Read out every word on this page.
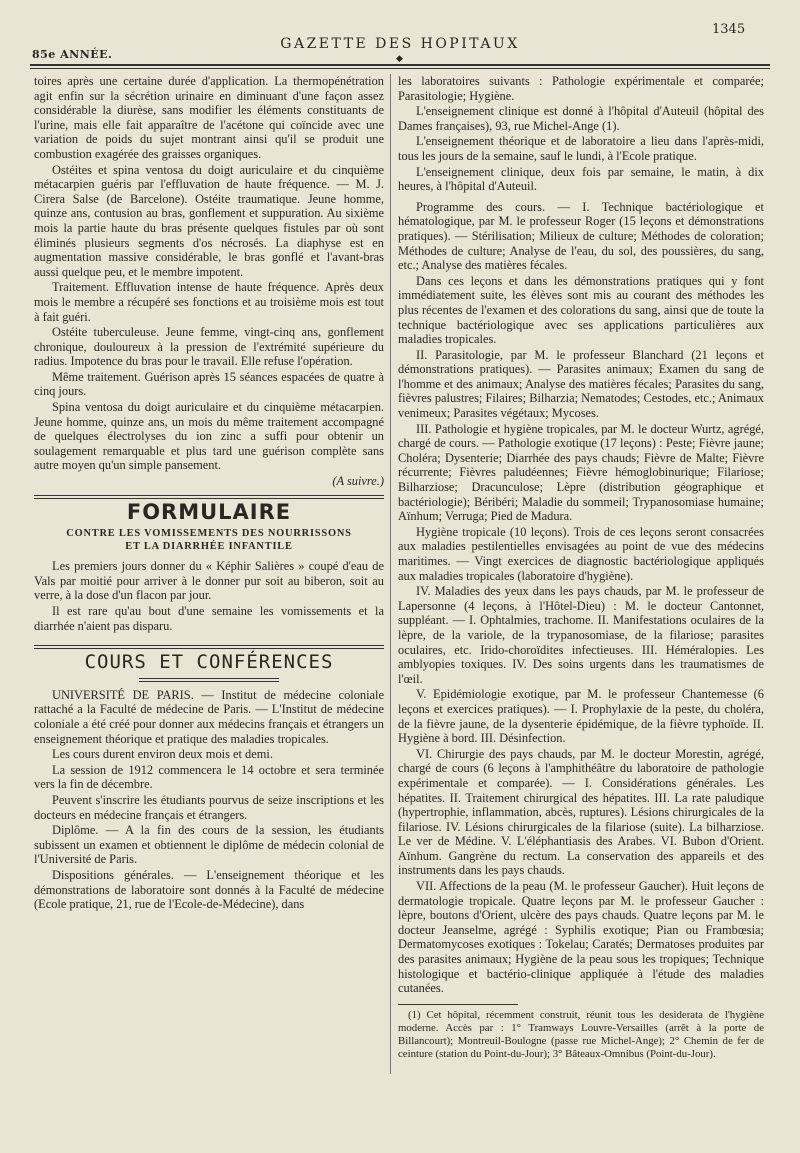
85e ANNÉE.
GAZETTE DES HOPITAUX
◆
1345

toires après une certaine durée d'application. La thermopénétration agit enfin sur la sécrétion urinaire en diminuant d'une façon assez considérable la diurèse, sans modifier les éléments constituants de l'urine, mais elle fait apparaître de l'acétone qui coïncide avec une variation de poids du sujet montrant ainsi qu'il se produit une combustion exagérée des graisses organiques.

Ostéites et spina ventosa du doigt auriculaire et du cinquième métacarpien guéris par l'effluvation de haute fréquence. — M. J. Cirera Salse (de Barcelone). Ostéite traumatique. Jeune homme, quinze ans, contusion au bras, gonflement et suppuration. Au sixième mois la partie haute du bras présente quelques fistules par où sont éliminés plusieurs segments d'os nécrosés. La diaphyse est en augmentation massive considérable, le bras gonflé et l'avant-bras aussi quelque peu, et le membre impotent.

Traitement. Effluvation intense de haute fréquence. Après deux mois le membre a récupéré ses fonctions et au troisième mois est tout à fait guéri.

Ostéite tuberculeuse. Jeune femme, vingt-cinq ans, gonflement chronique, douloureux à la pression de l'extrémité supérieure du radius. Impotence du bras pour le travail. Elle refuse l'opération.

Même traitement. Guérison après 15 séances espacées de quatre à cinq jours.

Spina ventosa du doigt auriculaire et du cinquième métacarpien. Jeune homme, quinze ans, un mois du même traitement accompagné de quelques électrolyses du ion zinc a suffi pour obtenir un soulagement remarquable et plus tard une guérison complète sans autre moyen qu'un simple pansement.

(A suivre.)
FORMULAIRE
CONTRE LES VOMISSEMENTS DES NOURRISSONS
ET LA DIARRHÉE INFANTILE

Les premiers jours donner du « Képhir Salières » coupé d'eau de Vals par moitié pour arriver à le donner pur soit au biberon, soit au verre, à la dose d'un flacon par jour.

Il est rare qu'au bout d'une semaine les vomissements et la diarrhée n'aient pas disparu.

COURS ET CONFÉRENCES

UNIVERSITÉ DE PARIS. — Institut de médecine coloniale rattaché a la Faculté de médecine de Paris. — L'Institut de médecine coloniale a été créé pour donner aux médecins français et étrangers un enseignement théorique et pratique des maladies tropicales.

Les cours durent environ deux mois et demi.

La session de 1912 commencera le 14 octobre et sera terminée vers la fin de décembre.

Peuvent s'inscrire les étudiants pourvus de seize inscriptions et les docteurs en médecine français et étrangers.

Diplôme. — A la fin des cours de la session, les étudiants subissent un examen et obtiennent le diplôme de médecin colonial de l'Université de Paris.

Dispositions générales. — L'enseignement théorique et les démonstrations de laboratoire sont donnés à la Faculté de médecine (Ecole pratique, 21, rue de l'Ecole-de-Médecine), dans

les laboratoires suivants : Pathologie expérimentale et comparée; Parasitologie; Hygiène.

L'enseignement clinique est donné à l'hôpital d'Auteuil (hôpital des Dames françaises), 93, rue Michel-Ange (1).

L'enseignement théorique et de laboratoire a lieu dans l'après-midi, tous les jours de la semaine, sauf le lundi, à l'Ecole pratique.

L'enseignement clinique, deux fois par semaine, le matin, à dix heures, à l'hôpital d'Auteuil.

Programme des cours. — I. Technique bactériologique et hématologique, par M. le professeur Roger (15 leçons et démonstrations pratiques). — Stérilisation; Milieux de culture; Méthodes de coloration; Méthodes de culture; Analyse de l'eau, du sol, des poussières, du sang, etc.; Analyse des matières fécales.

Dans ces leçons et dans les démonstrations pratiques qui y font immédiatement suite, les élèves sont mis au courant des méthodes les plus récentes de l'examen et des colorations du sang, ainsi que de toute la technique bactériologique avec ses applications particulières aux maladies tropicales.

II. Parasitologie, par M. le professeur Blanchard (21 leçons et démonstrations pratiques). — Parasites animaux; Examen du sang de l'homme et des animaux; Analyse des matières fécales; Parasites du sang, fièvres palustres; Filaires; Bilharzia; Nematodes; Cestodes, etc.; Animaux venimeux; Parasites végétaux; Mycoses.

III. Pathologie et hygiène tropicales, par M. le docteur Wurtz, agrégé, chargé de cours. — Pathologie exotique (17 leçons) : Peste; Fièvre jaune; Choléra; Dysenterie; Diarrhée des pays chauds; Fièvre de Malte; Fièvre récurrente; Fièvres paludéennes; Fièvre hémoglobinurique; Filariose; Bilharziose; Dracunculose; Lèpre (distribution géographique et bactériologie); Béribéri; Maladie du sommeil; Trypanosomiase humaine; Aïnhum; Verruga; Pied de Madura.

Hygiène tropicale (10 leçons). Trois de ces leçons seront consacrées aux maladies pestilentielles envisagées au point de vue des médecins maritimes. — Vingt exercices de diagnostic bactériologique appliqués aux maladies tropicales (laboratoire d'hygiène).

IV. Maladies des yeux dans les pays chauds, par M. le professeur de Lapersonne (4 leçons, à l'Hôtel-Dieu) : M. le docteur Cantonnet, suppléant. — I. Ophtalmies, trachome. II. Manifestations oculaires de la lèpre, de la variole, de la trypanosomiase, de la filariose; parasites oculaires, etc. Irido-choroïdites infectieuses. III. Héméralopies. Les amblyopies toxiques. IV. Des soins urgents dans les traumatismes de l'œil.

V. Epidémiologie exotique, par M. le professeur Chantemesse (6 leçons et exercices pratiques). — I. Prophylaxie de la peste, du choléra, de la fièvre jaune, de la dysenterie épidémique, de la fièvre typhoïde. II. Hygiène à bord. III. Désinfection.

VI. Chirurgie des pays chauds, par M. le docteur Morestin, agrégé, chargé de cours (6 leçons à l'amphithéâtre du laboratoire de pathologie expérimentale et comparée). — I. Considérations générales. Les hépatites. II. Traitement chirurgical des hépatites. III. La rate paludique (hypertrophie, inflammation, abcès, ruptures). Lésions chirurgicales de la filariose. IV. Lésions chirurgicales de la filariose (suite). La bilharziose. Le ver de Médine. V. L'éléphantiasis des Arabes. VI. Bubon d'Orient. Aïnhum. Gangrène du rectum. La conservation des appareils et des instruments dans les pays chauds.

VII. Affections de la peau (M. le professeur Gaucher). Huit leçons de dermatologie tropicale. Quatre leçons par M. le professeur Gaucher : lèpre, boutons d'Orient, ulcère des pays chauds. Quatre leçons par M. le docteur Jeanselme, agrégé : Syphilis exotique; Pian ou Frambœsia; Dermatomycoses exotiques : Tokelau; Caratés; Dermatoses produites par des parasites animaux; Hygiène de la peau sous les tropiques; Technique histologique et bactério-clinique appliquée à l'étude des maladies cutanées.

(1) Cet hôpital, récemment construit, réunit tous les desiderata de l'hygiène moderne. Accès par : 1° Tramways Louvre-Versailles (arrêt à la porte de Billancourt); Montreuil-Boulogne (passe rue Michel-Ange); 2° Chemin de fer de ceinture (station du Point-du-Jour); 3° Bâteaux-Omnibus (Point-du-Jour).
